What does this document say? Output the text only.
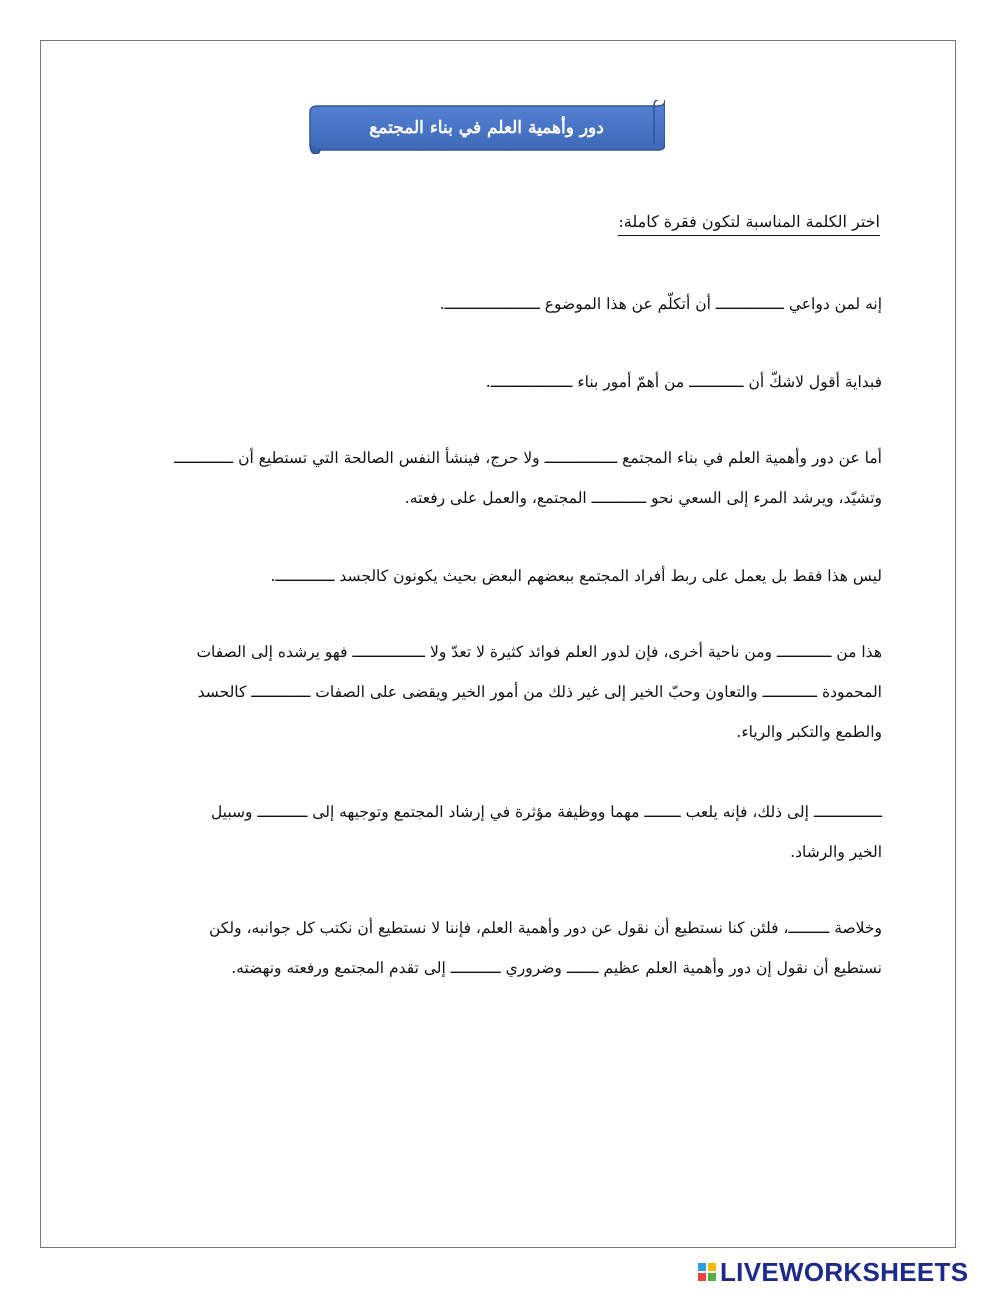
دور وأهمية العلم في بناء المجتمع
اختر الكلمة المناسبة لتكون فقرة كاملة:
إنه لمن دواعي ـــــــــــــــ أن أتكلّم عن هذا الموضوع ـــــــــــــــــــــ.
فبداية أقول لاشكّ أن ــــــــــــ من أهمّ أمور بناء ــــــــــــــــــ.
أما عن دور وأهمية العلم في بناء المجتمع ــــــــــــــــ ولا حرج، فينشأ النفس الصالحة التي تستطيع أن ـــــــــــــ
وتشيّد، ويرشد المرء إلى السعي نحو ــــــــــــ المجتمع، والعمل على رفعته.
ليس هذا فقط بل يعمل على ربط أفراد المجتمع ببعضهم البعض بحيث يكونون كالجسد ـــــــــــــ.
هذا من ــــــــــــ ومن ناحية أخرى، فإن لدور العلم فوائد كثيرة لا تعدّ ولا ــــــــــــــــ فهو يرشده إلى الصفات
المحمودة ــــــــــــ والتعاون وحبّ الخير إلى غير ذلك من أمور الخير ويقضى على الصفات ـــــــــــــ كالحسد
والطمع والتكبر والرياء.
ـــــــــــــــ إلى ذلك، فإنه يلعب ــــــــ مهما ووظيفة مؤثرة في إرشاد المجتمع وتوجيهه إلى ـــــــــــ وسبيل
الخير والرشاد.
وخلاصة ـــــــــ، فلئن كنا نستطيع أن نقول عن دور وأهمية العلم، فإننا لا نستطيع أن نكتب كل جوانبه، ولكن
نستطيع أن نقول إن دور وأهمية العلم عظيم ـــــــ وضروري ـــــــــــ إلى تقدم المجتمع ورفعته ونهضته.
LIVEWORKSHEETS
